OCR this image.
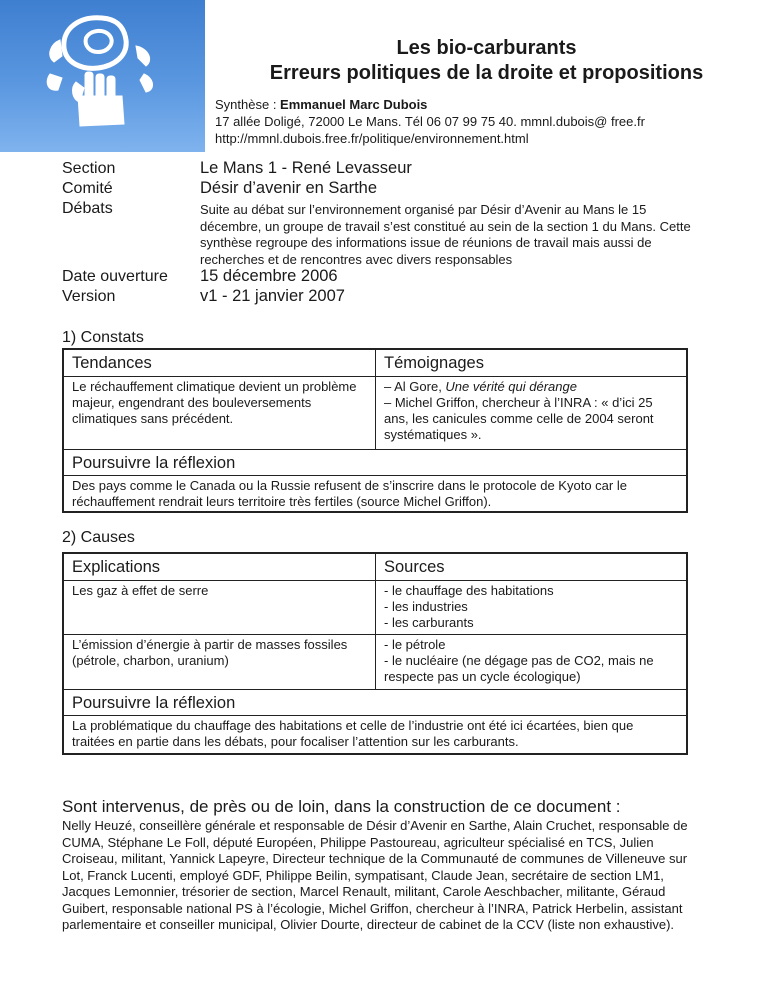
Les bio-carburants
Erreurs politiques de la droite et propositions
Synthèse : Emmanuel Marc Dubois
17 allée Doligé, 72000 Le Mans. Tél 06 07 99 75 40. mmnl.dubois@ free.fr
http://mmnl.dubois.free.fr/politique/environnement.html
Section	Le Mans 1 - René Levasseur
Comité	Désir d’avenir en Sarthe
Débats	Suite au débat sur l’environnement organisé par Désir d’Avenir au Mans le 15 décembre, un groupe de travail s’est constitué au sein de la section 1 du Mans. Cette synthèse regroupe des informations issue de réunions de travail mais aussi de recherches et de rencontres avec divers responsables
Date ouverture 15 décembre 2006
Version	v1 - 21 janvier 2007
1) Constats
Tendances	Témoignages
Le réchauffement climatique devient un problème majeur, engendrant des bouleversements climatiques sans précédent.
– Al Gore, Une vérité qui dérange
– Michel Griffon, chercheur à l’INRA : « d’ici 25 ans, les canicules comme celle de 2004 seront systématiques ».
Poursuivre la réflexion
Des pays comme le Canada ou la Russie refusent de s’inscrire dans le protocole de Kyoto car le réchauffement rendrait leurs territoire très fertiles (source Michel Griffon).
2) Causes
Explications	Sources
Les gaz à effet de serre	- le chauffage des habitations
- les industries
- les carburants
L’émission d’énergie à partir de masses fossiles (pétrole, charbon, uranium)
- le pétrole
- le nucléaire (ne dégage pas de CO2, mais ne respecte pas un cycle écologique)
Poursuivre la réflexion
La problématique du chauffage des habitations et celle de l’industrie ont été ici écartées, bien que traitées en partie dans les débats, pour focaliser l’attention sur les carburants.
Sont intervenus, de près ou de loin, dans la construction de ce document :
Nelly Heuzé, conseillère générale et responsable de Désir d’Avenir en Sarthe, Alain Cruchet, responsable de CUMA, Stéphane Le Foll, député Européen, Philippe Pastoureau, agriculteur spécialisé en TCS, Julien Croiseau, militant, Yannick Lapeyre, Directeur technique de la Communauté de communes de Villeneuve sur Lot, Franck Lucenti, employé GDF, Philippe Beilin, sympatisant, Claude Jean, secrétaire de section LM1, Jacques Lemonnier, trésorier de section, Marcel Renault, militant, Carole Aeschbacher, militante, Géraud Guibert, responsable national PS à l’écologie, Michel Griffon, chercheur à l’INRA, Patrick Herbelin, assistant parlementaire et conseiller municipal, Olivier Dourte, directeur de cabinet de la CCV (liste non exhaustive).
